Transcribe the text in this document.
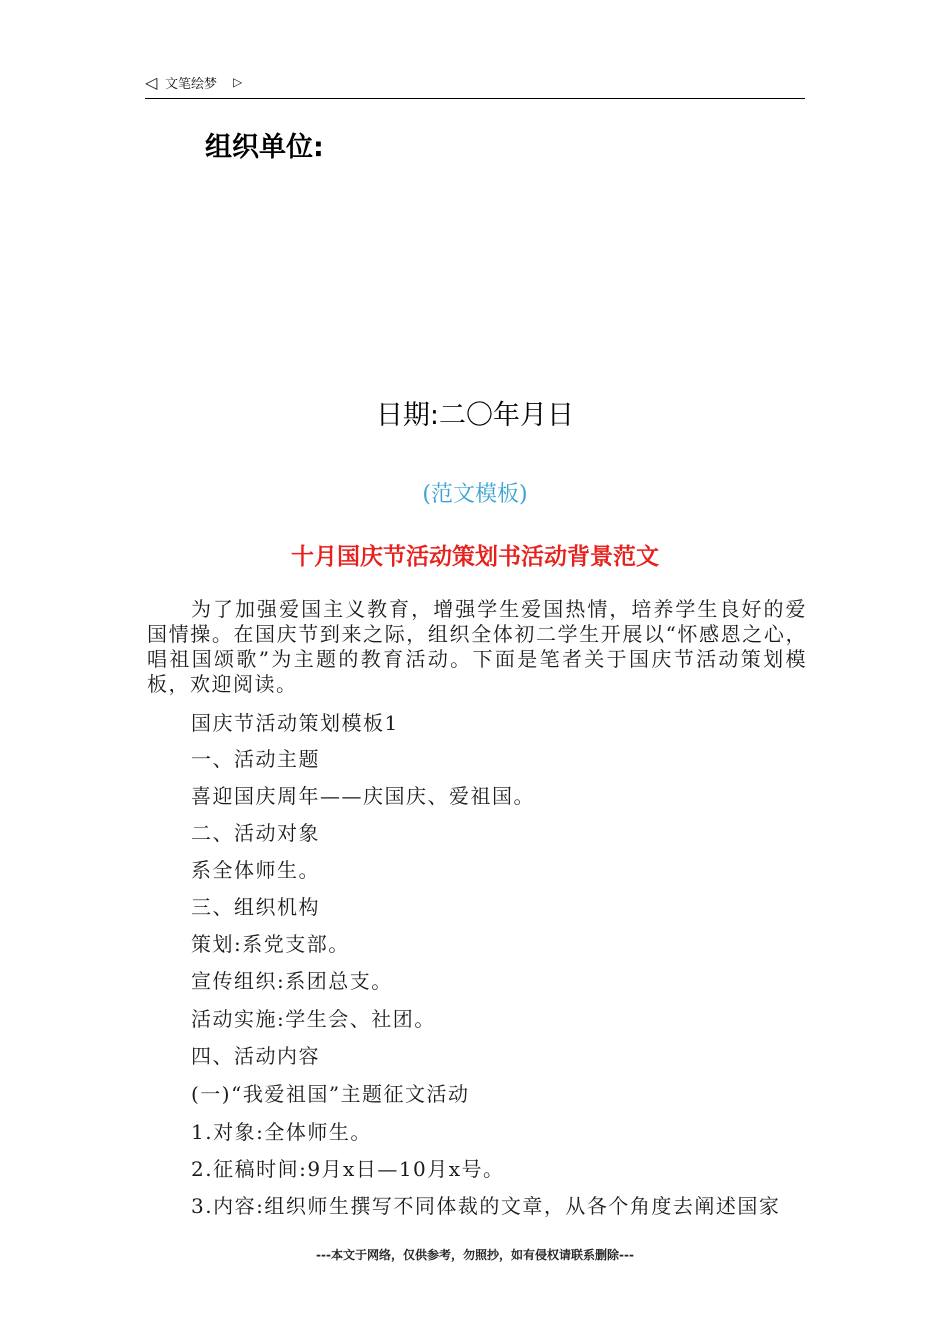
◁ 文笔绘梦 ▷
组织单位:
日期:二〇年月日
(范文模板)
十月国庆节活动策划书活动背景范文

为了加强爱国主义教育，增强学生爱国热情，培养学生良好的爱国情操。在国庆节到来之际，组织全体初二学生开展以“怀感恩之心，唱祖国颂歌”为主题的教育活动。下面是笔者关于国庆节活动策划模板，欢迎阅读。

国庆节活动策划模板1

一、活动主题

喜迎国庆周年——庆国庆、爱祖国。

二、活动对象

系全体师生。

三、组织机构

策划:系党支部。

宣传组织:系团总支。

活动实施:学生会、社团。

四、活动内容

(一)“我爱祖国”主题征文活动

1.对象:全体师生。

2.征稿时间:9月x日—10月x号。

3.内容:组织师生撰写不同体裁的文章，从各个角度去阐述国家

---本文于网络，仅供参考，勿照抄，如有侵权请联系删除---
